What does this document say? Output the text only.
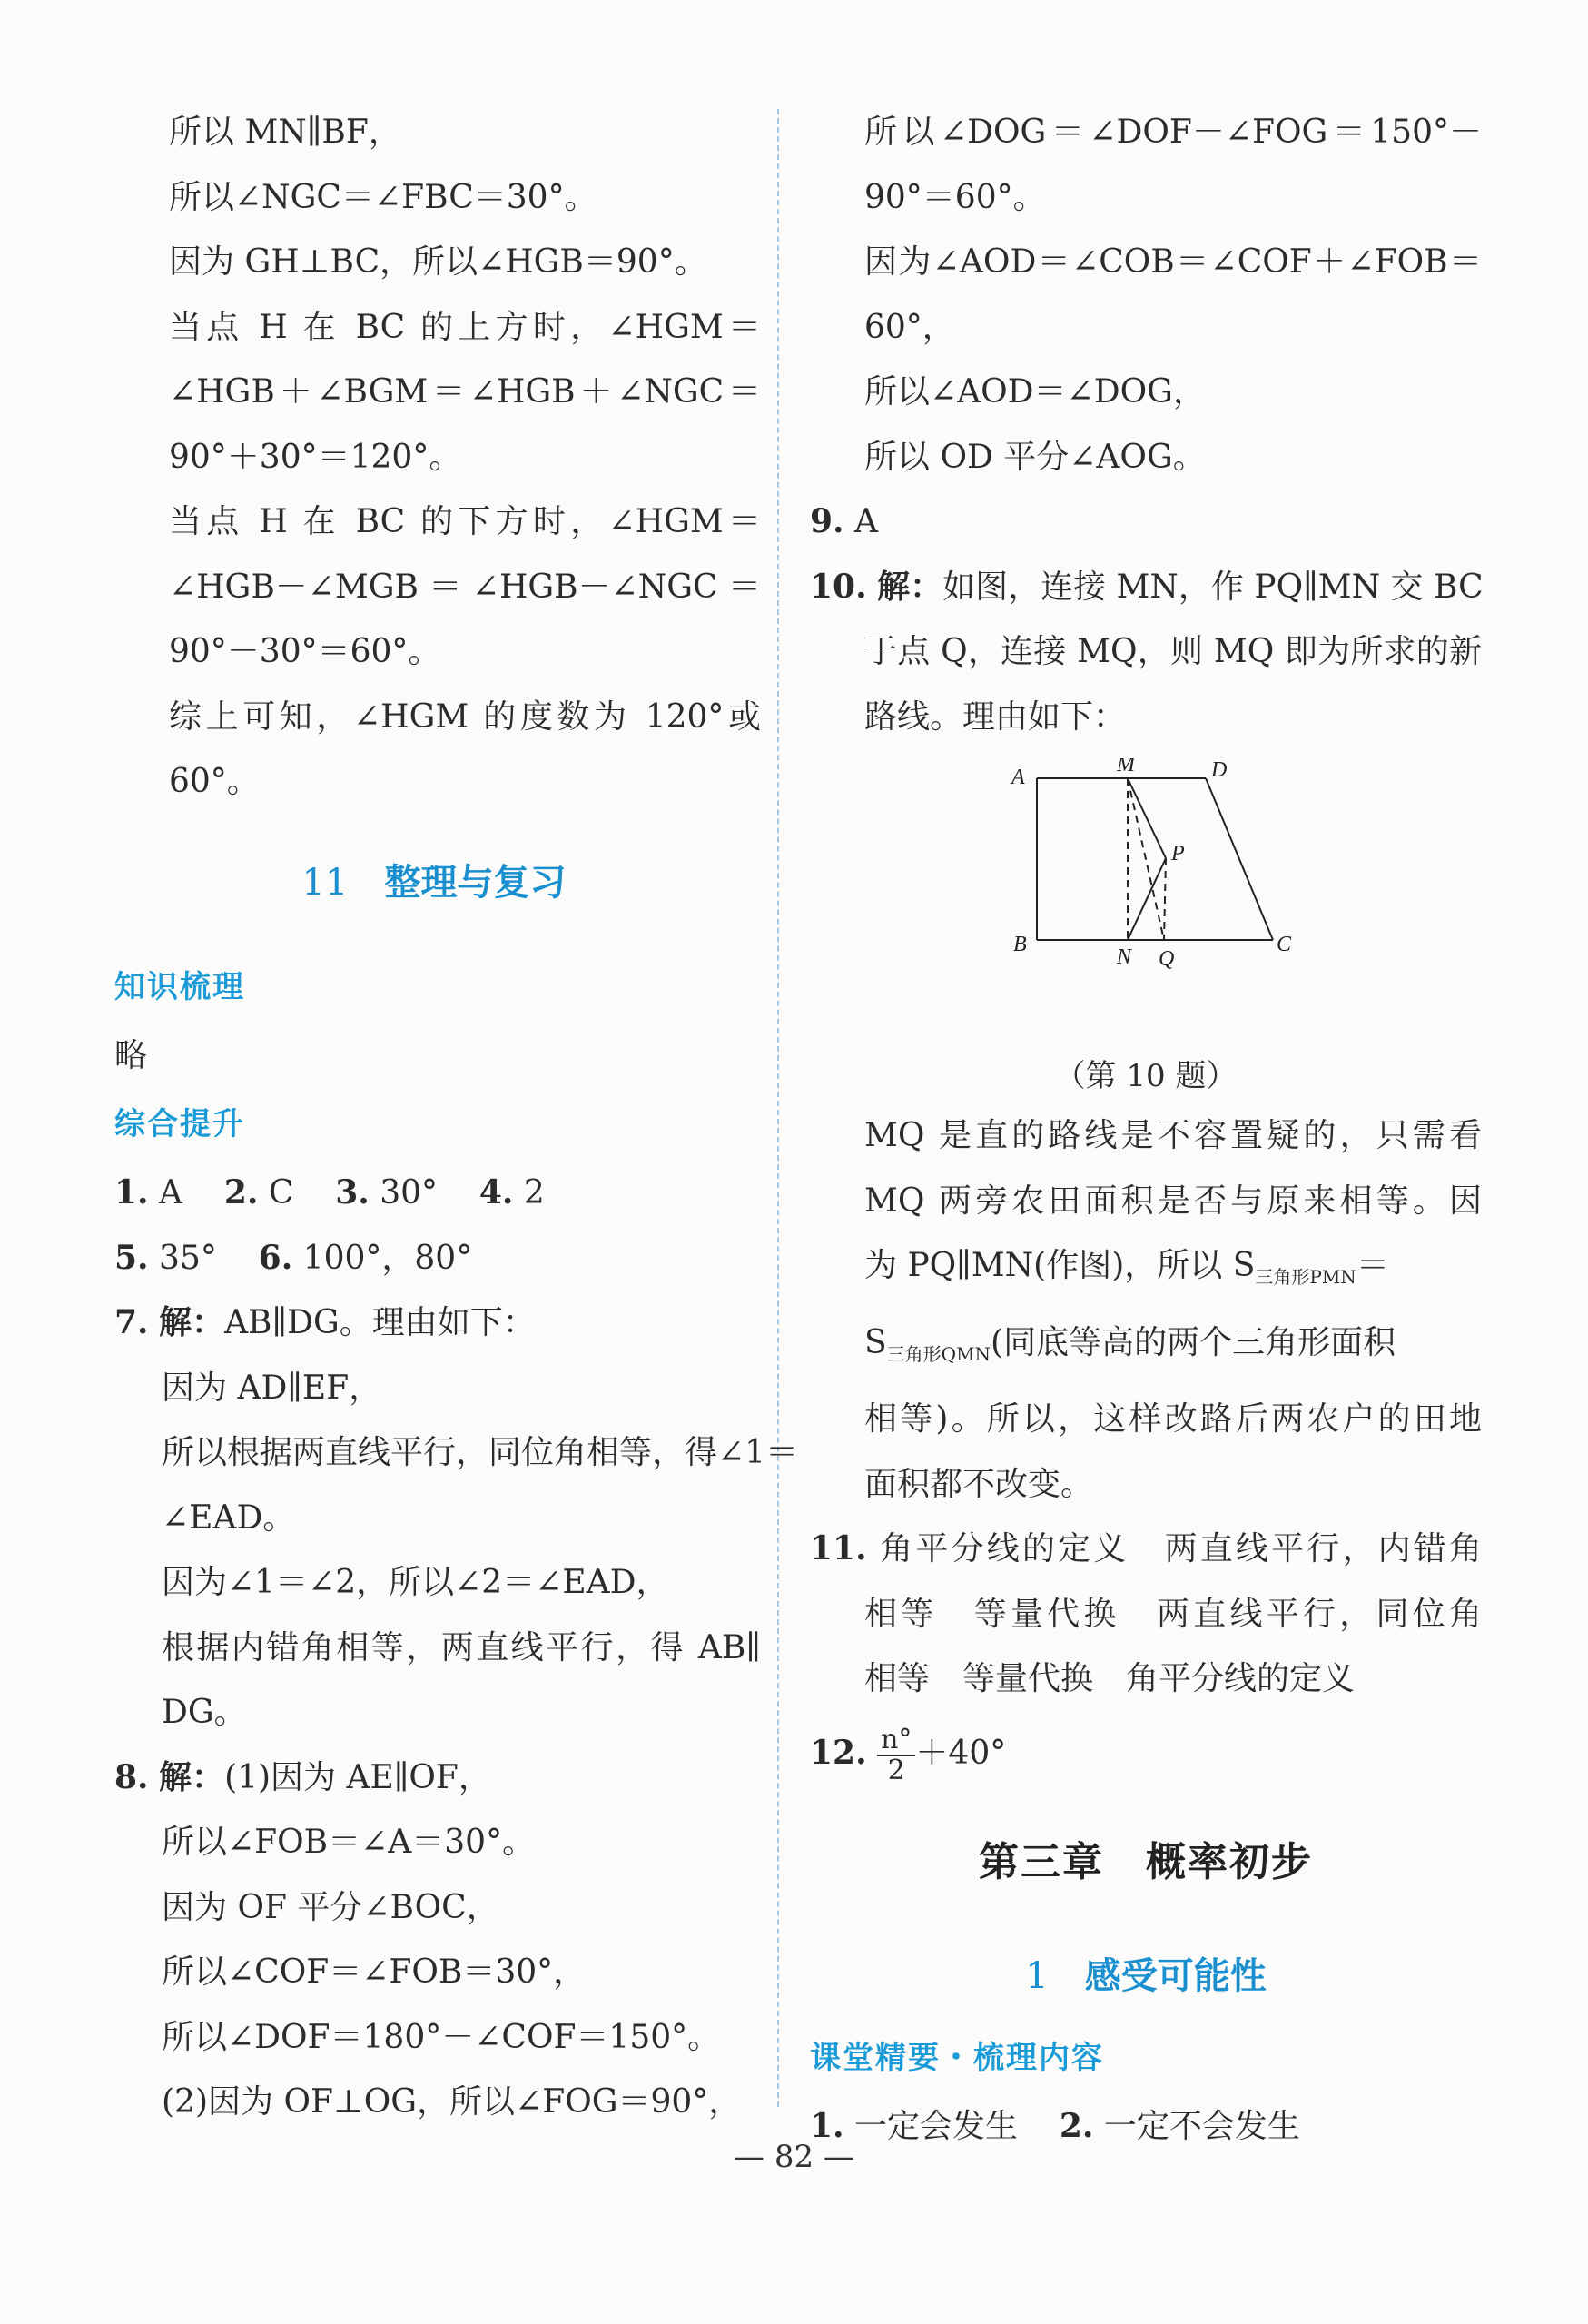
所以 MN∥BF，
所以∠NGC＝∠FBC＝30°。
因为 GH⊥BC，所以∠HGB＝90°。
当点 H 在 BC 的上方时，∠HGM＝
∠HGB＋∠BGM＝∠HGB＋∠NGC＝
90°＋30°＝120°。
当点 H 在 BC 的下方时，∠HGM＝
∠HGB－∠MGB＝∠HGB－∠NGC＝
90°－30°＝60°。
综上可知，∠HGM 的度数为 120°或
60°。
11 整理与复习
知识梳理
略
综合提升
1. A 2. C 3. 30° 4. 2
5. 35° 6. 100°，80°
7. 解：AB∥DG。理由如下：
因为 AD∥EF，
所以根据两直线平行，同位角相等，得∠1＝
∠EAD。
因为∠1＝∠2，所以∠2＝∠EAD，
根据内错角相等，两直线平行，得 AB∥
DG。
8. 解：(1)因为 AE∥OF，
所以∠FOB＝∠A＝30°。
因为 OF 平分∠BOC，
所以∠COF＝∠FOB＝30°，
所以∠DOF＝180°－∠COF＝150°。
(2)因为 OF⊥OG，所以∠FOG＝90°，
所以∠DOG＝∠DOF－∠FOG＝150°－
90°＝60°。
因为∠AOD＝∠COB＝∠COF＋∠FOB＝
60°，
所以∠AOD＝∠DOG，
所以 OD 平分∠AOG。
9. A
10. 解：如图，连接 MN，作 PQ∥MN 交 BC
于点 Q，连接 MQ，则 MQ 即为所求的新
路线。理由如下：
A
M	D
P
B
N Q
C
（第 10 题）
MQ 是直的路线是不容置疑的，只需看
MQ 两旁农田面积是否与原来相等。因
为 PQ∥MN(作图)，所以 $S_{三角形PMN}=$
$S_{三角形QMN}$(同底等高的两个三角形面积
相等)。所以，这样改路后两农户的田地
面积都不改变。
11. 角平分线的定义　两直线平行，内错角
相等　等量代换　两直线平行，同位角
相等　等量代换　角平分线的定义
12. $\frac{n^\circ}{2} +40^\circ$
第三章　概率初步
1 感受可能性
课堂精要・梳理内容
1. 一定会发生 2. 一定不会发生
— 82 —
